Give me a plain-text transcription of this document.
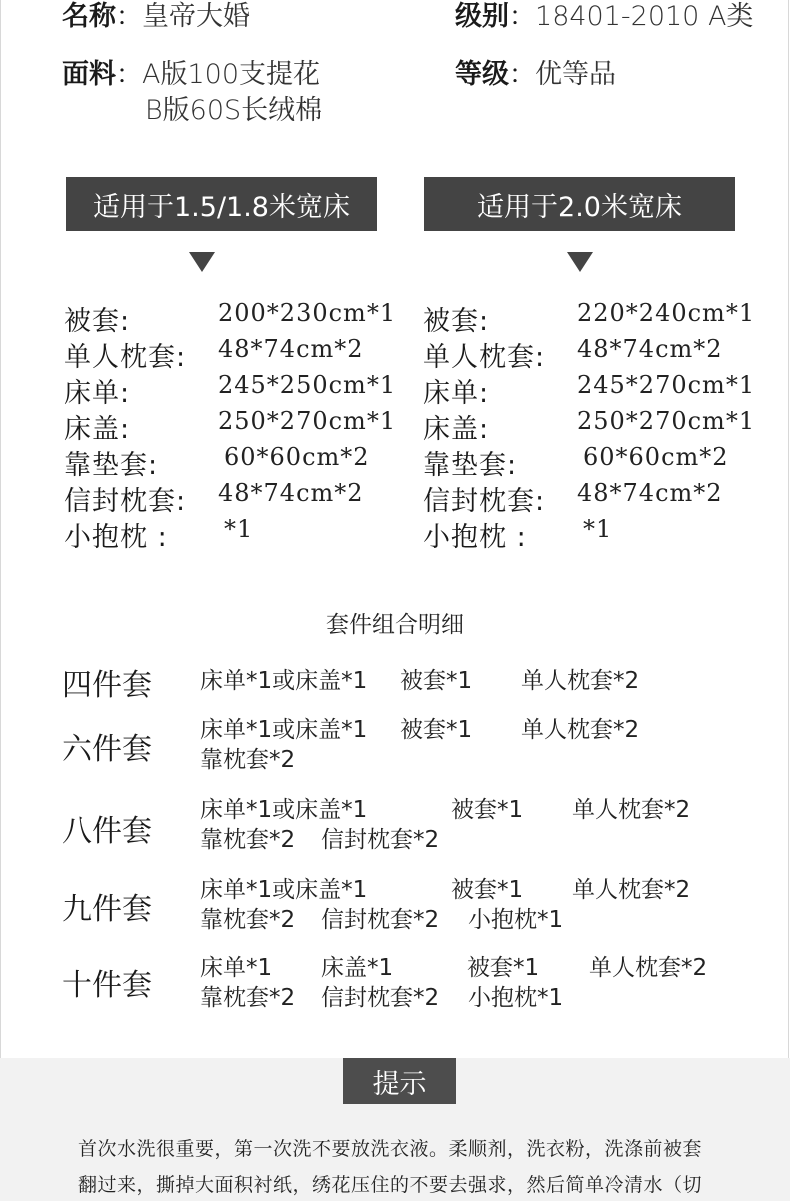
名称：皇帝大婚	级别：18401-2010 A类
面料：A版100支提花
B版60S长绒棉
等级：优等品
适用于1.5/1.8米宽床	适用于2.0米宽床
被套:	200*230cm*1
单人枕套: 48*74cm*2
床单:	245*250cm*1
床盖:	250*270cm*1
靠垫套:	60*60cm*2
信封枕套: 48*74cm*2
小抱枕 : *1
被套:	220*240cm*1
单人枕套: 48*74cm*2
床单:	245*270cm*1
床盖:	250*270cm*1
靠垫套:	60*60cm*2
信封枕套: 48*74cm*2
小抱枕 : *1
套件组合明细
四件套 床单*1或床盖*1 被套*1 单人枕套*2
六件套
床单*1或床盖*1 被套*1 单人枕套*2
靠枕套*2
八件套
床单*1或床盖*1	被套*1 单人枕套*2
靠枕套*2 信封枕套*2
九件套
床单*1或床盖*1	被套*1 单人枕套*2
靠枕套*2 信封枕套*2 小抱枕*1
十件套 床单*1 床盖*1	被套*1 单人枕套*2
靠枕套*2 信封枕套*2 小抱枕*1
提示
首次水洗很重要，第一次洗不要放洗衣液。柔顺剂，洗衣粉，洗涤前被套
翻过来，撕掉大面积衬纸，绣花压住的不要去强求，然后简单冷清水（切
